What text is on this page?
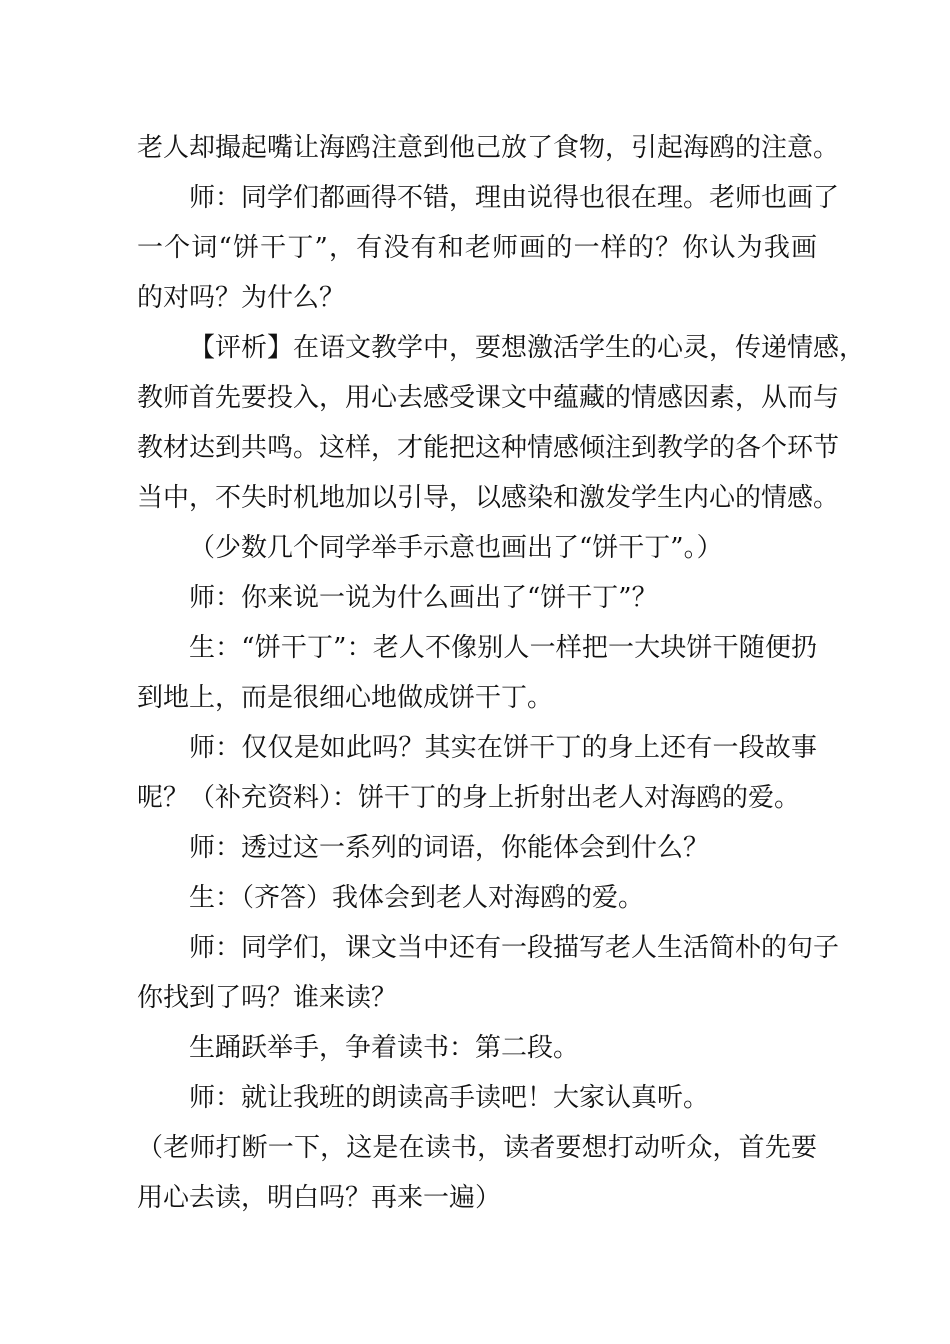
老人却撮起嘴让海鸥注意到他己放了食物，引起海鸥的注意。
师：同学们都画得不错，理由说得也很在理。老师也画了
一个词“饼干丁”，有没有和老师画的一样的？你认为我画
的对吗？为什么？
【评析】在语文教学中，要想激活学生的心灵，传递情感，
教师首先要投入，用心去感受课文中蕴藏的情感因素，从而与
教材达到共鸣。这样，才能把这种情感倾注到教学的各个环节
当中，不失时机地加以引导，以感染和激发学生内心的情感。
（少数几个同学举手示意也画出了“饼干丁”。）
师：你来说一说为什么画出了“饼干丁”？
生：“饼干丁”：老人不像别人一样把一大块饼干随便扔
到地上，而是很细心地做成饼干丁。
师：仅仅是如此吗？其实在饼干丁的身上还有一段故事
呢？（补充资料）：饼干丁的身上折射出老人对海鸥的爱。
师：透过这一系列的词语，你能体会到什么？
生：（齐答）我体会到老人对海鸥的爱。
师：同学们，课文当中还有一段描写老人生活简朴的句子
你找到了吗？谁来读？
生踊跃举手，争着读书：第二段。
师：就让我班的朗读高手读吧！大家认真听。
（老师打断一下，这是在读书，读者要想打动听众，首先要
用心去读，明白吗？再来一遍）
